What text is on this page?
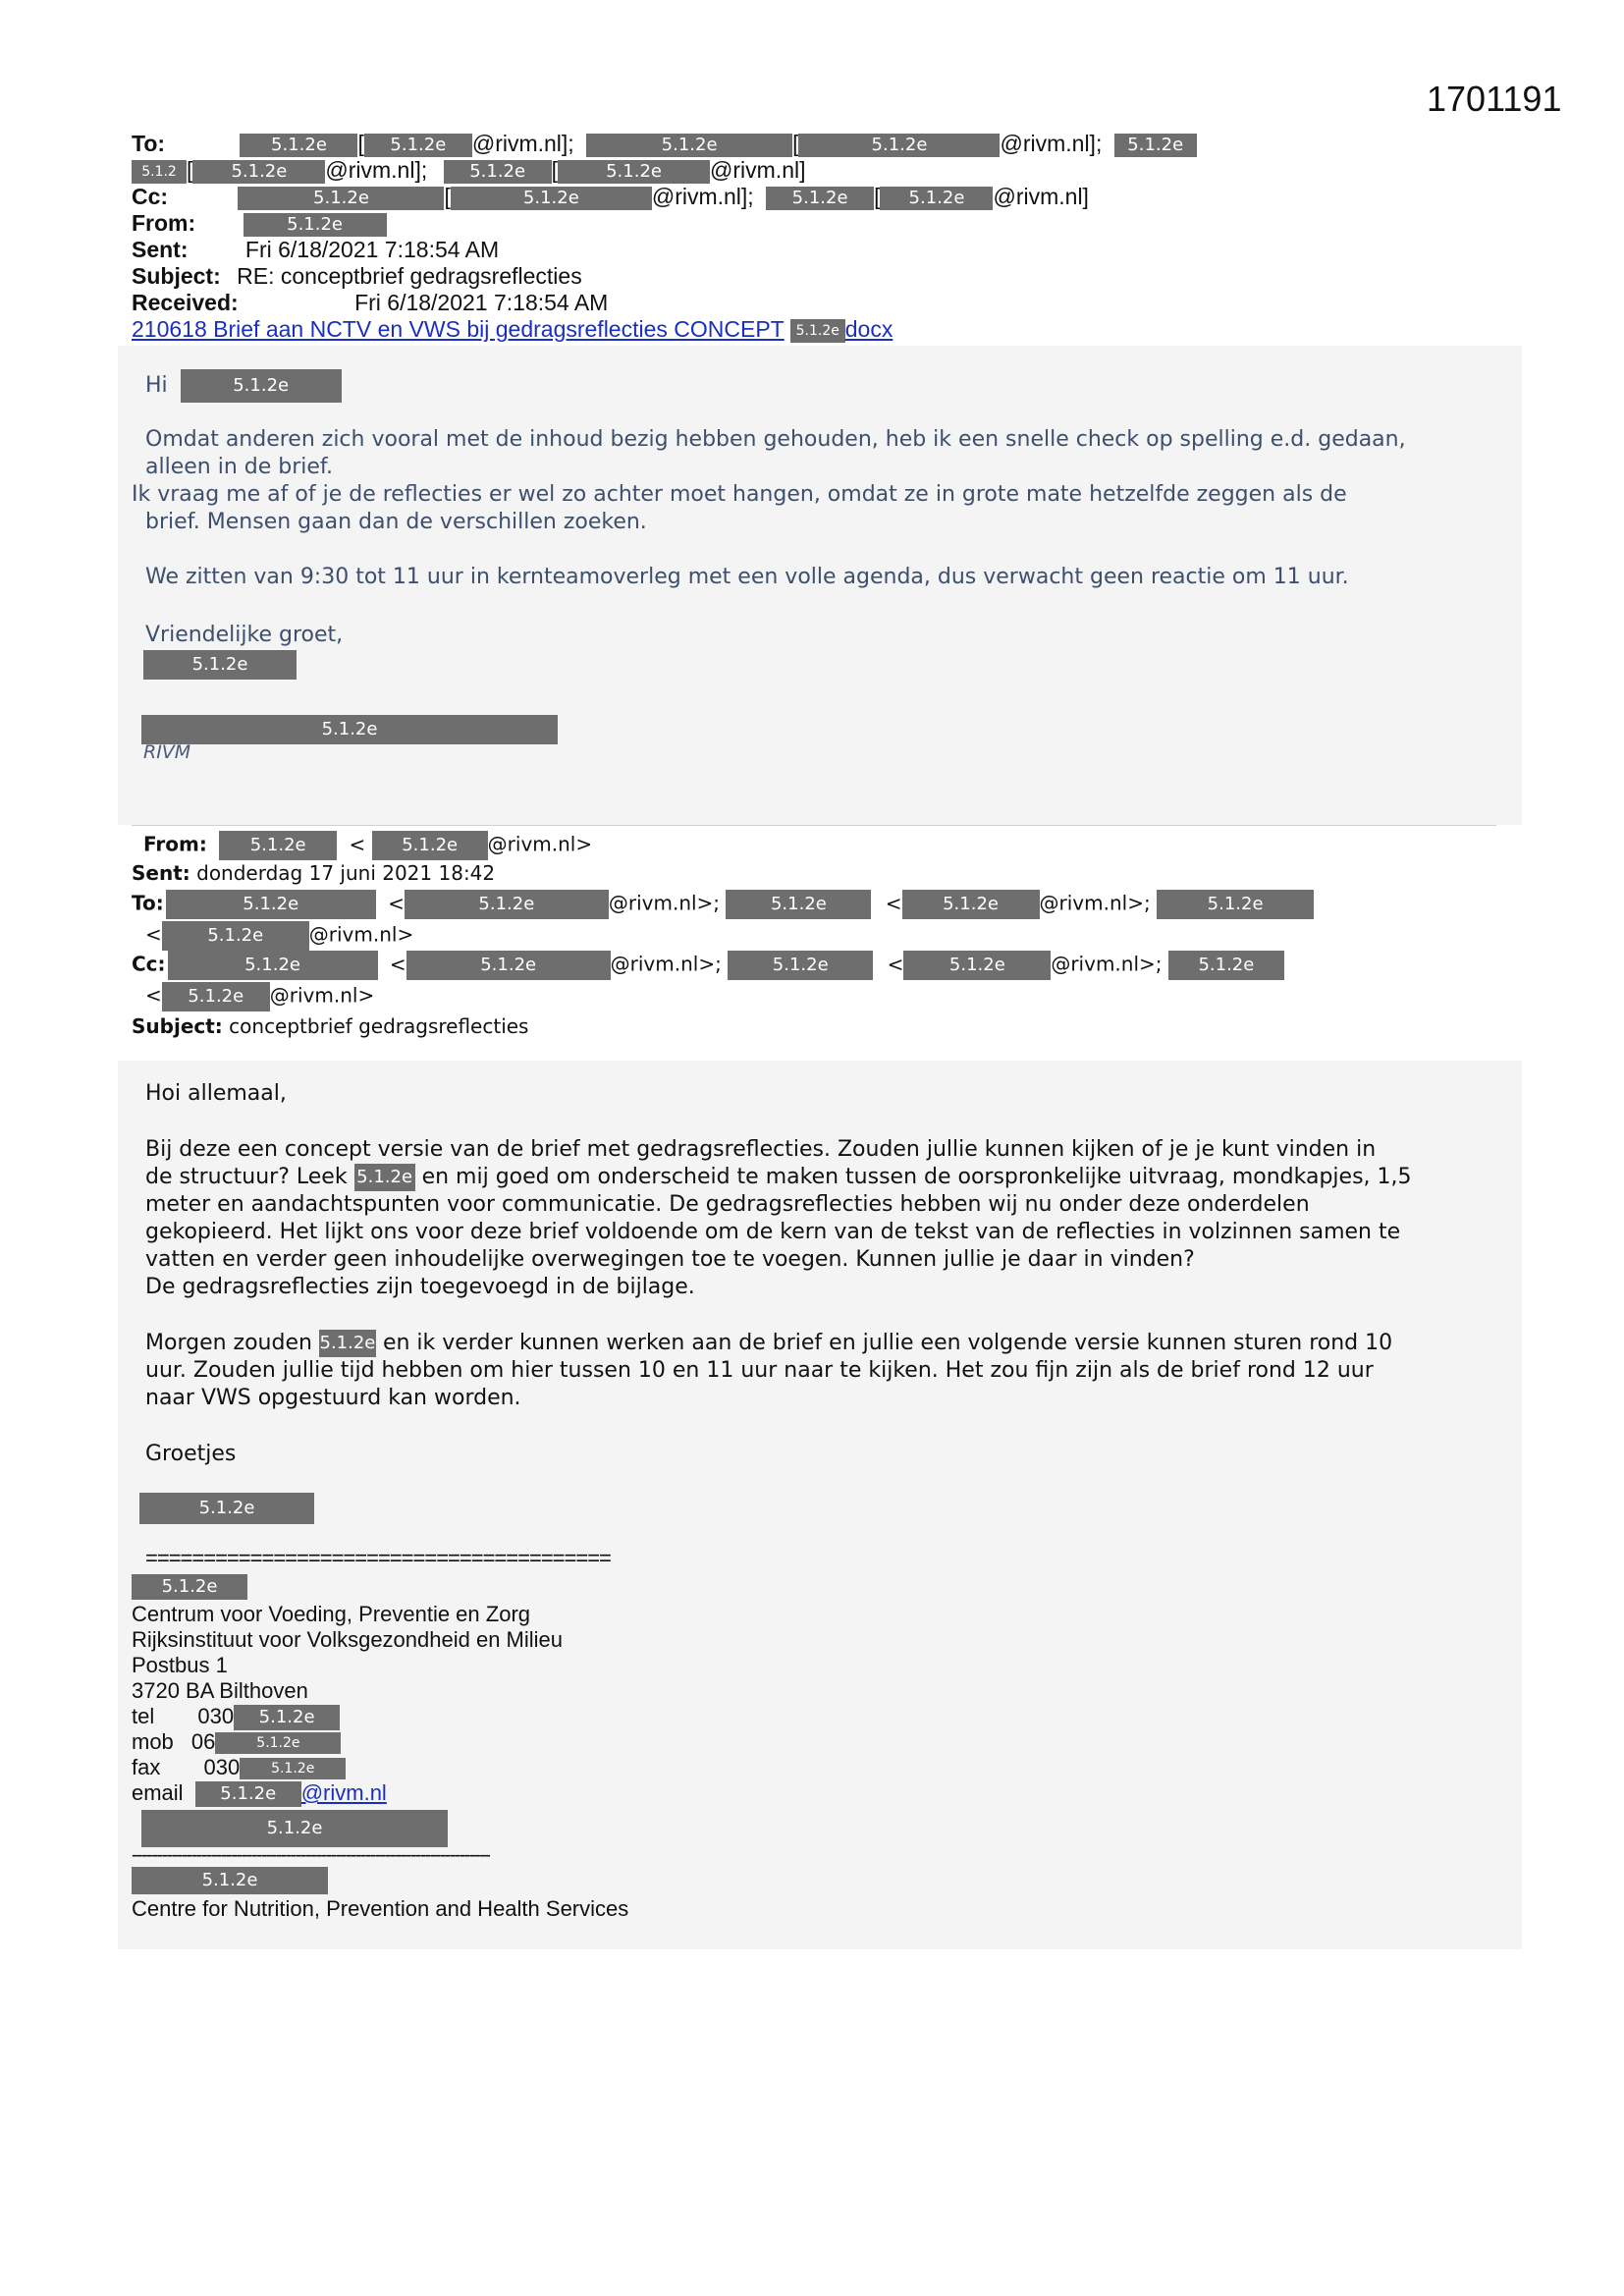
1701191
To:	5.1.2e [ 5.1.2e @rivm.nl];	5.1.2e	[	5.1.2e	@rivm.nl]; 5.1.2e
5.1.2 [ 5.1.2e @rivm.nl]; 5.1.2e [	5.1.2e @rivm.nl]
Cc:	5.1.2e	[	5.1.2e	@rivm.nl]; 5.1.2e [ 5.1.2e @rivm.nl]
From:	5.1.2e
Sent:	Fri 6/18/2021 7:18:54 AM
Subject: RE: conceptbrief gedragsreflecties
Received:	Fri 6/18/2021 7:18:54 AM
210618 Brief aan NCTV en VWS bij gedragsreflecties CONCEPT 5.1.2e docx
Hi	5.1.2e
Omdat anderen zich vooral met de inhoud bezig hebben gehouden, heb ik een snelle check op spelling e.d. gedaan,
alleen in de brief.
Ik vraag me af of je de reflecties er wel zo achter moet hangen, omdat ze in grote mate hetzelfde zeggen als de
brief. Mensen gaan dan de verschillen zoeken.
We zitten van 9:30 tot 11 uur in kernteamoverleg met een volle agenda, dus verwacht geen reactie om 11 uur.
Vriendelijke groet,
5.1.2e
5.1.2e
RIVM
From: 5.1.2e < 5.1.2e @rivm.nl>
Sent: donderdag 17 juni 2021 18:42
To:	5.1.2e	<	5.1.2e	@rivm.nl>;	5.1.2e	< 5.1.2e @rivm.nl>;	5.1.2e
<	5.1.2e @rivm.nl>
Cc:	5.1.2e	<	5.1.2e	@rivm.nl>;	5.1.2e	<	5.1.2e @rivm.nl>; 5.1.2e
< 5.1.2e @rivm.nl>
Subject: conceptbrief gedragsreflecties
Hoi allemaal,
Bij deze een concept versie van de brief met gedragsreflecties. Zouden jullie kunnen kijken of je je kunt vinden in
de structuur? Leek 5.1.2e en mij goed om onderscheid te maken tussen de oorspronkelijke uitvraag, mondkapjes, 1,5
meter en aandachtspunten voor communicatie. De gedragsreflecties hebben wij nu onder deze onderdelen
gekopieerd. Het lijkt ons voor deze brief voldoende om de kern van de tekst van de reflecties in volzinnen samen te
vatten en verder geen inhoudelijke overwegingen toe te voegen. Kunnen jullie je daar in vinden?
De gedragsreflecties zijn toegevoegd in de bijlage.
Morgen zouden 5.1.2e en ik verder kunnen werken aan de brief en jullie een volgende versie kunnen sturen rond 10
uur. Zouden jullie tijd hebben om hier tussen 10 en 11 uur naar te kijken. Het zou fijn zijn als de brief rond 12 uur
naar VWS opgestuurd kan worden.
Groetjes
5.1.2e
========================================
5.1.2e
Centrum voor Voeding, Preventie en Zorg
Rijksinstituut voor Volksgezondheid en Milieu
Postbus 1
3720 BA Bilthoven
tel 030 5.1.2e
mob 06	5.1.2e
fax 030 5.1.2e
email 5.1.2e @rivm.nl
5.1.2e
------------------------------------------------------------------------
5.1.2e
Centre for Nutrition, Prevention and Health Services
